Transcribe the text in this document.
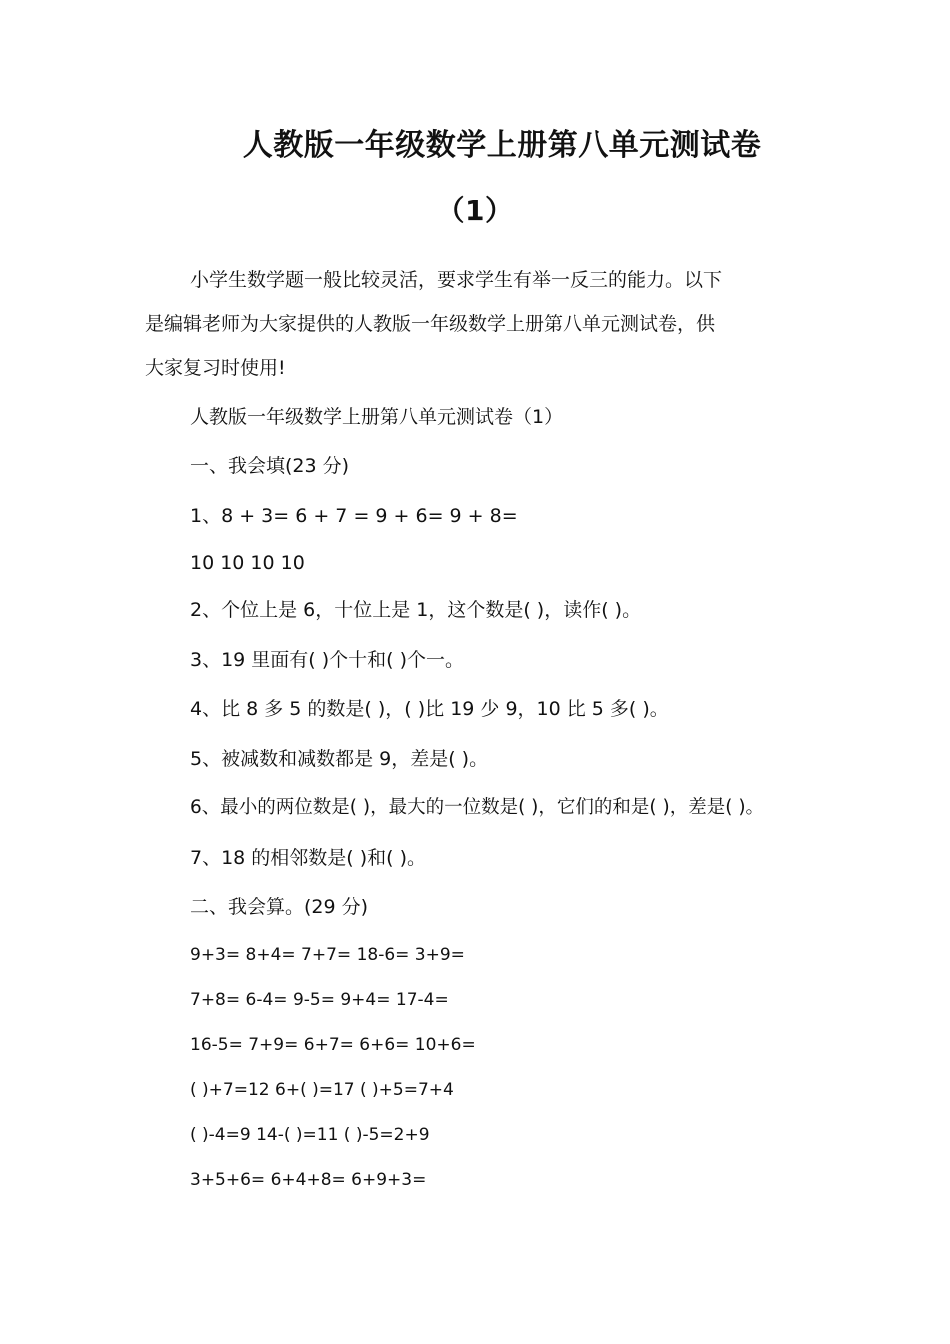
人教版一年级数学上册第八单元测试卷
（1）
小学生数学题一般比较灵活，要求学生有举一反三的能力。以下
是编辑老师为大家提供的人教版一年级数学上册第八单元测试卷，供
大家复习时使用!
人教版一年级数学上册第八单元测试卷（1）
一、我会填(23 分)
1、8 + 3= 6 + 7 = 9 + 6= 9 + 8=
10 10 10 10
2、个位上是 6，十位上是 1，这个数是( )，读作( )。
3、19 里面有( )个十和( )个一。
4、比 8 多 5 的数是( )，( )比 19 少 9，10 比 5 多( )。
5、被减数和减数都是 9，差是( )。
6、最小的两位数是( )，最大的一位数是( )，它们的和是( )，差是( )。
7、18 的相邻数是( )和( )。
二、我会算。(29 分)
9+3= 8+4= 7+7= 18-6= 3+9=
7+8= 6-4= 9-5= 9+4= 17-4=
16-5= 7+9= 6+7= 6+6= 10+6=
( )+7=12 6+( )=17 ( )+5=7+4
( )-4=9 14-( )=11 ( )-5=2+9
3+5+6= 6+4+8= 6+9+3=
